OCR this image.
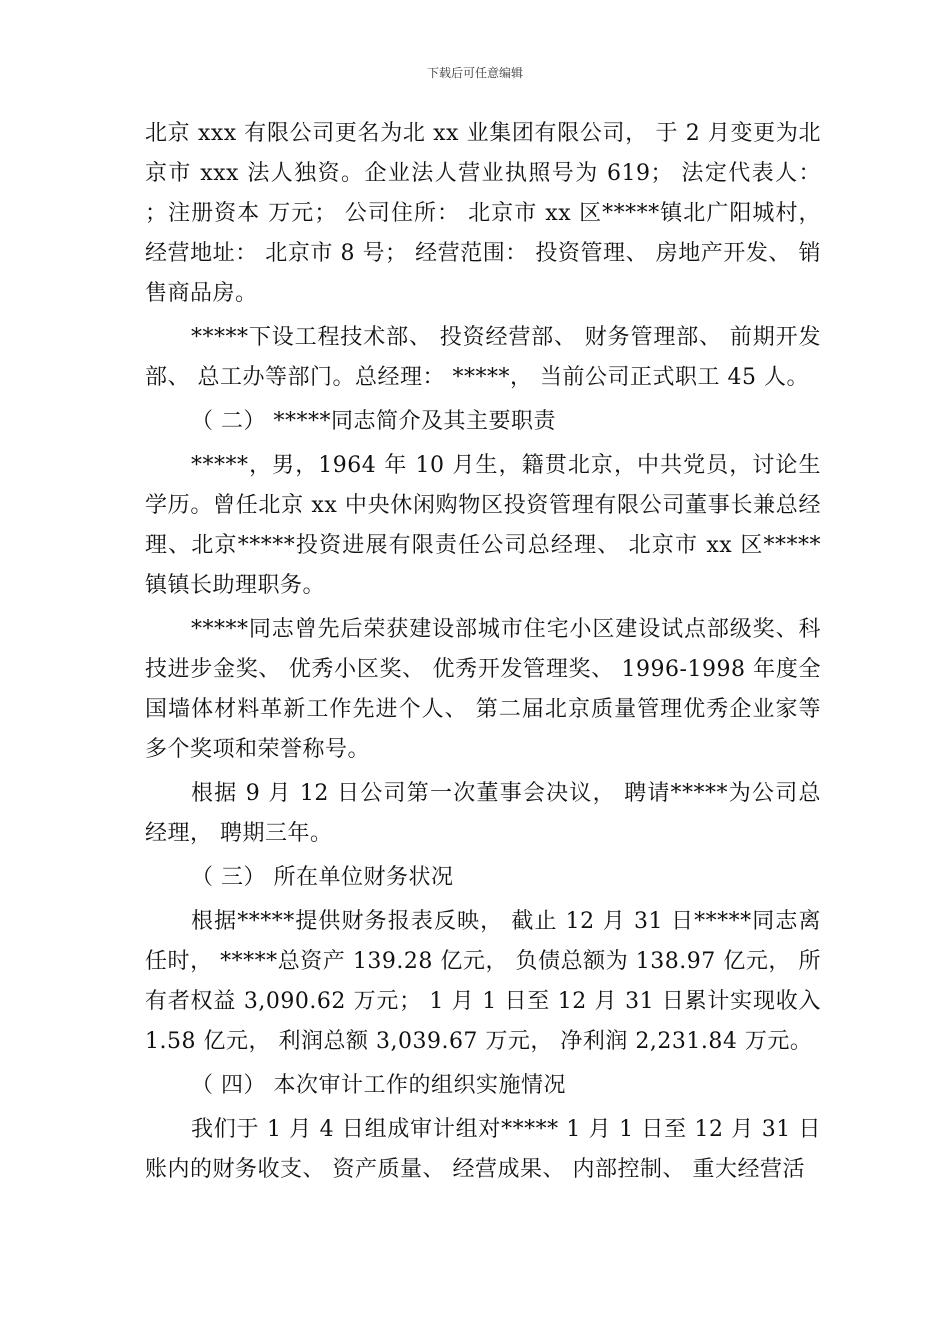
下载后可任意编辑

北京 xxx 有限公司更名为北 xx 业集团有限公司， 于 2 月变更为北京市 xxx 法人独资。企业法人营业执照号为 619； 法定代表人： ；注册资本 万元； 公司住所： 北京市 xx 区*****镇北广阳城村， 经营地址： 北京市 8 号； 经营范围： 投资管理、 房地产开发、 销售商品房。

*****下设工程技术部、 投资经营部、 财务管理部、 前期开发部、 总工办等部门。总经理： *****， 当前公司正式职工 45 人。

（ 二） *****同志简介及其主要职责

*****，男，1964 年 10 月生，籍贯北京，中共党员，讨论生学历。曾任北京 xx 中央休闲购物区投资管理有限公司董事长兼总经理、北京*****投资进展有限责任公司总经理、 北京市 xx 区*****镇镇长助理职务。

*****同志曾先后荣获建设部城市住宅小区建设试点部级奖、科技进步金奖、 优秀小区奖、 优秀开发管理奖、 1996-1998 年度全国墙体材料革新工作先进个人、 第二届北京质量管理优秀企业家等多个奖项和荣誉称号。

根据 9 月 12 日公司第一次董事会决议， 聘请*****为公司总经理， 聘期三年。

（ 三） 所在单位财务状况

根据*****提供财务报表反映， 截止 12 月 31 日*****同志离任时， *****总资产 139.28 亿元， 负债总额为 138.97 亿元， 所有者权益 3,090.62 万元； 1 月 1 日至 12 月 31 日累计实现收入 1.58 亿元， 利润总额 3,039.67 万元， 净利润 2,231.84 万元。

（ 四） 本次审计工作的组织实施情况

我们于 1 月 4 日组成审计组对***** 1 月 1 日至 12 月 31 日账内的财务收支、 资产质量、 经营成果、 内部控制、 重大经营活
